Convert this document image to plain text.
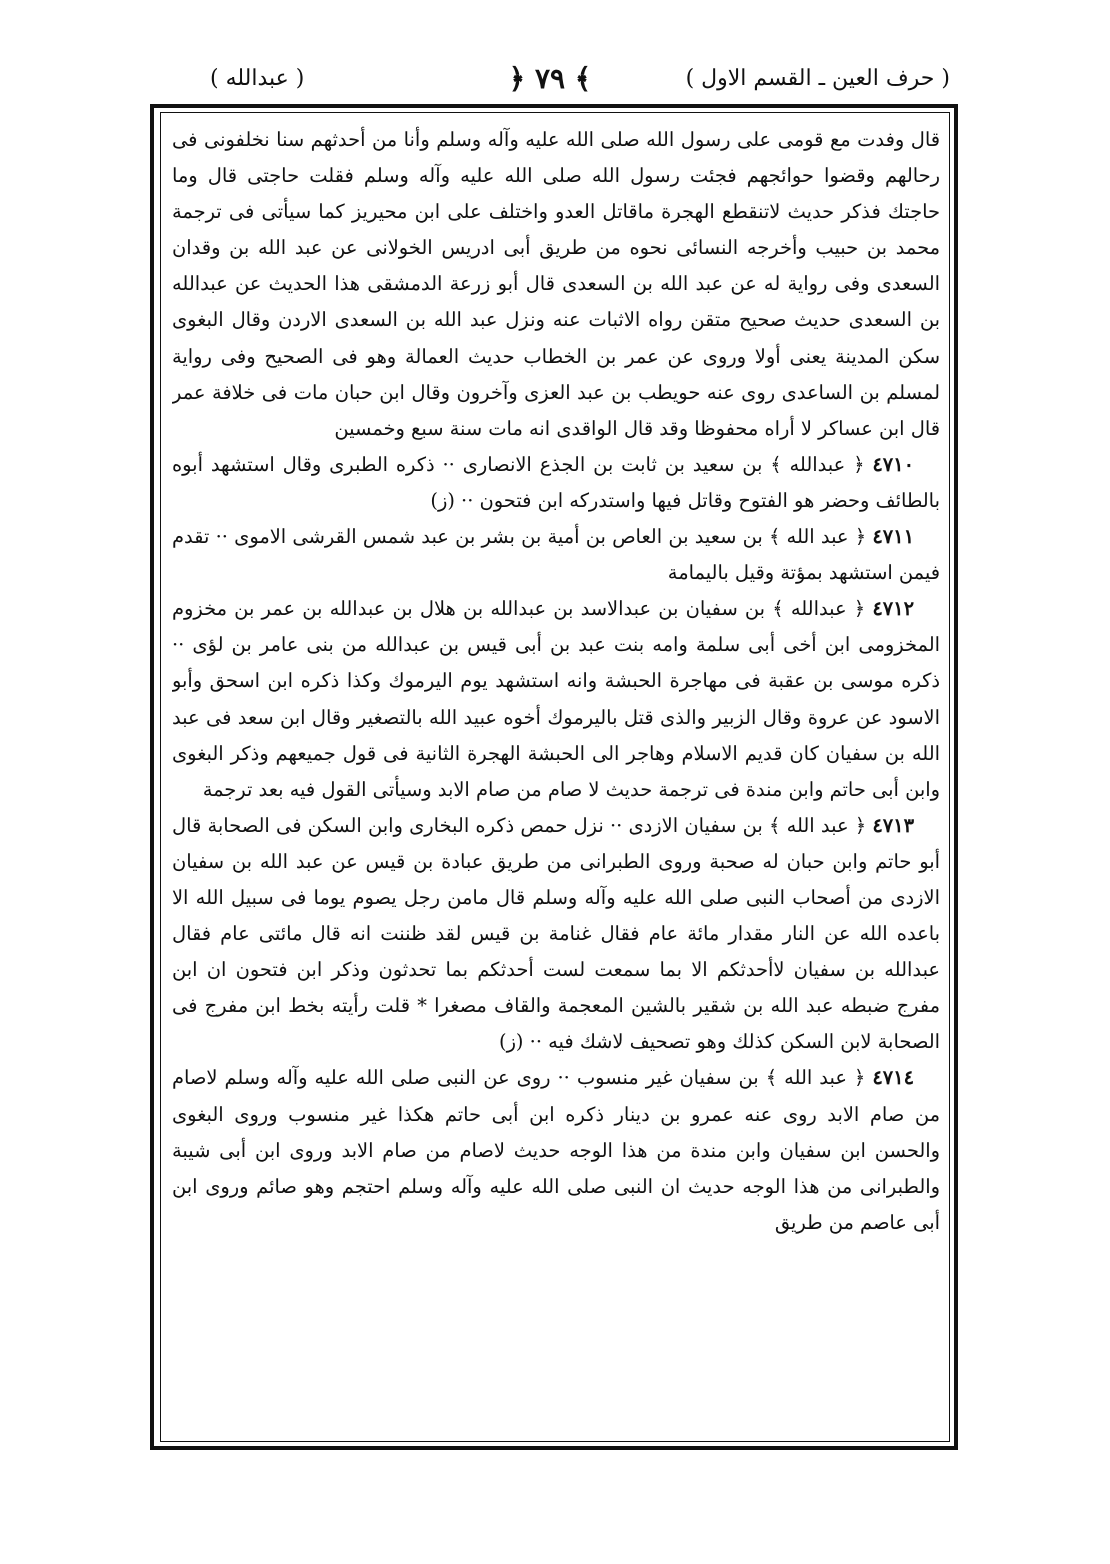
( حرف العين ـ القسم الاول )
﴿ ٧٩ ﴾
( عبدالله )

قال وفدت مع قومى على رسول الله صلى الله عليه وآله وسلم وأنا من أحدثهم سنا نخلفونى فى رحالهم وقضوا حوائجهم فجئت رسول الله صلى الله عليه وآله وسلم فقلت حاجتى قال وما حاجتك فذكر حديث لاتنقطع الهجرة ماقاتل العدو واختلف على ابن محيريز كما سيأتى فى ترجمة محمد بن حبيب وأخرجه النسائى نحوه من طريق أبى ادريس الخولانى عن عبد الله بن وقدان السعدى وفى رواية له عن عبد الله بن السعدى قال أبو زرعة الدمشقى هذا الحديث عن عبدالله بن السعدى حديث صحيح متقن رواه الاثبات عنه ونزل عبد الله بن السعدى الاردن وقال البغوى سكن المدينة يعنى أولا وروى عن عمر بن الخطاب حديث العمالة وهو فى الصحيح وفى رواية لمسلم بن الساعدى روى عنه حويطب بن عبد العزى وآخرون وقال ابن حبان مات فى خلافة عمر قال ابن عساكر لا أراه محفوظا وقد قال الواقدى انه مات سنة سبع وخمسين

٤٧١٠ ﴿ عبدالله ﴾ بن سعيد بن ثابت بن الجذع الانصارى ·· ذكره الطبرى وقال استشهد أبوه بالطائف وحضر هو الفتوح وقاتل فيها واستدركه ابن فتحون ·· (ز)

٤٧١١ ﴿ عبد الله ﴾ بن سعيد بن العاص بن أمية بن بشر بن عبد شمس القرشى الاموى ·· تقدم فيمن استشهد بمؤتة وقيل باليمامة

٤٧١٢ ﴿ عبدالله ﴾ بن سفيان بن عبدالاسد بن عبدالله بن هلال بن عبدالله بن عمر بن مخزوم المخزومى ابن أخى أبى سلمة وامه بنت عبد بن أبى قيس بن عبدالله من بنى عامر بن لؤى ·· ذكره موسى بن عقبة فى مهاجرة الحبشة وانه استشهد يوم اليرموك وكذا ذكره ابن اسحق وأبو الاسود عن عروة وقال الزبير والذى قتل باليرموك أخوه عبيد الله بالتصغير وقال ابن سعد فى عبد الله بن سفيان كان قديم الاسلام وهاجر الى الحبشة الهجرة الثانية فى قول جميعهم وذكر البغوى وابن أبى حاتم وابن مندة فى ترجمة حديث لا صام من صام الابد وسيأتى القول فيه بعد ترجمة

٤٧١٣ ﴿ عبد الله ﴾ بن سفيان الازدى ·· نزل حمص ذكره البخارى وابن السكن فى الصحابة قال أبو حاتم وابن حبان له صحبة وروى الطبرانى من طريق عبادة بن قيس عن عبد الله بن سفيان الازدى من أصحاب النبى صلى الله عليه وآله وسلم قال مامن رجل يصوم يوما فى سبيل الله الا باعده الله عن النار مقدار مائة عام فقال غنامة بن قيس لقد ظننت انه قال مائتى عام فقال عبدالله بن سفيان لاأحدثكم الا بما سمعت لست أحدثكم بما تحدثون وذكر ابن فتحون ان ابن مفرج ضبطه عبد الله بن شقير بالشين المعجمة والقاف مصغرا * قلت رأيته بخط ابن مفرج فى الصحابة لابن السكن كذلك وهو تصحيف لاشك فيه ·· (ز)

٤٧١٤ ﴿ عبد الله ﴾ بن سفيان غير منسوب ·· روى عن النبى صلى الله عليه وآله وسلم لاصام من صام الابد روى عنه عمرو بن دينار ذكره ابن أبى حاتم هكذا غير منسوب وروى البغوى والحسن ابن سفيان وابن مندة من هذا الوجه حديث لاصام من صام الابد وروى ابن أبى شيبة والطبرانى من هذا الوجه حديث ان النبى صلى الله عليه وآله وسلم احتجم وهو صائم وروى ابن أبى عاصم من طريق
